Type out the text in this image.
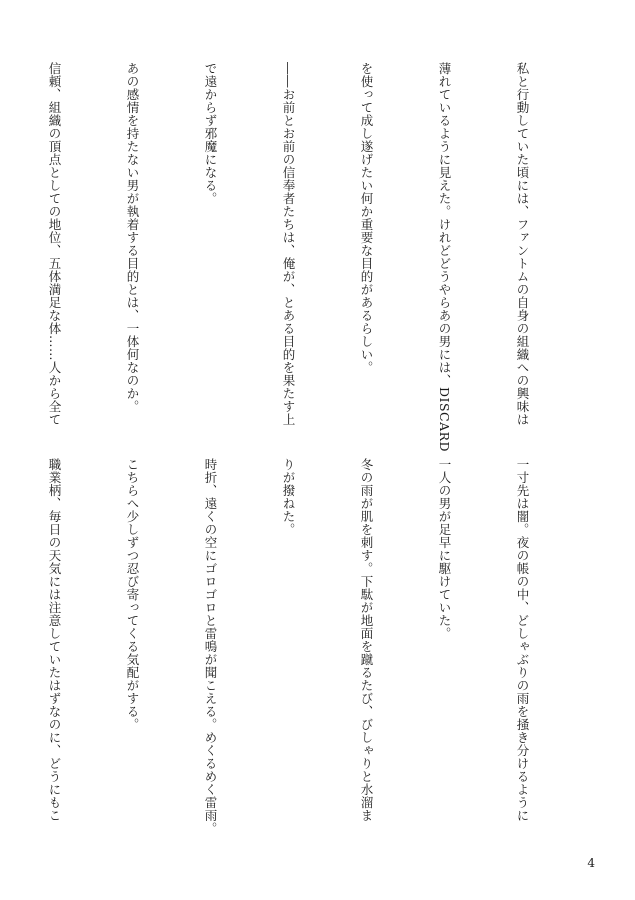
私と行動していた頃には、ファントムの自身の組織への興味は

薄れているように見えた。けれどどうやらあの男には、DISCARD

を使って成し遂げたい何か重要な目的があるらしい。

――お前とお前の信奉者たちは、俺が、とある目的を果たす上

で遠からず邪魔になる。

あの感情を持たない男が執着する目的とは、一体何なのか。

信頼、組織の頂点としての地位、五体満足な体……人から全て

一寸先は闇。夜の帳の中、どしゃぶりの雨を掻き分けるように

一人の男が足早に駆けていた。

冬の雨が肌を刺す。下駄が地面を蹴るたび、びしゃりと水溜ま

りが撥ねた。

時折、遠くの空にゴロゴロと雷鳴が聞こえる。めくるめく雷雨。

こちらへ少しずつ忍び寄ってくる気配がする。

職業柄、毎日の天気には注意していたはずなのに、どうにもこ

4
